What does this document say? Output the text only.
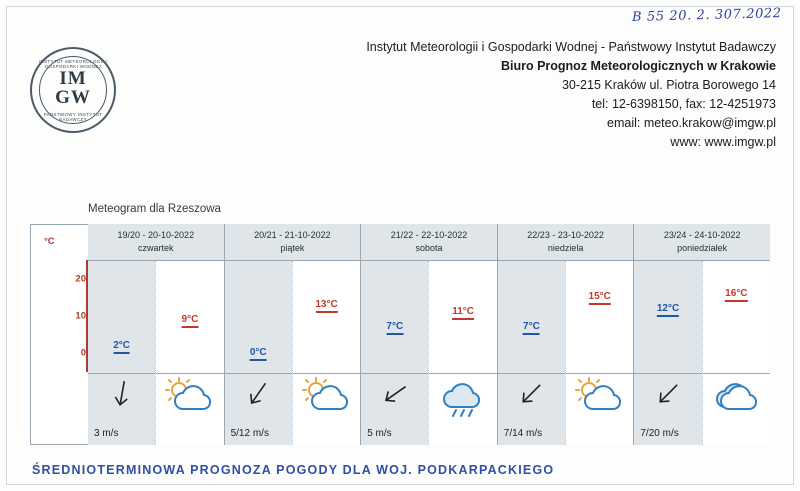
B 55 20. 2. 307.2022
INSTYTUT METEOROLOGII I GOSPODARKI WODNEJ
IM
GW
PAŃSTWOWY INSTYTUT BADAWCZY
Instytut Meteorologii i Gospodarki Wodnej - Państwowy Instytut Badawczy
Biuro Prognoz Meteorologicznych w Krakowie
30-215 Kraków ul. Piotra Borowego 14
tel: 12-6398150, fax: 12-4251973
email: meteo.krakow@imgw.pl
www: www.imgw.pl
Meteogram dla Rzeszowa
°C
20
10
0
19/20 - 20-10-2022
czwartek
2°C
3 m/s
9°C
20/21 - 21-10-2022
piątek
0°C
5/12 m/s
13°C
21/22 - 22-10-2022
sobota
7°C
5 m/s
11°C
22/23 - 23-10-2022
niedziela
7°C
7/14 m/s
15°C
23/24 - 24-10-2022
poniedziałek
12°C
7/20 m/s
16°C
ŚREDNIOTERMINOWA PROGNOZA POGODY DLA WOJ. PODKARPACKIEGO
